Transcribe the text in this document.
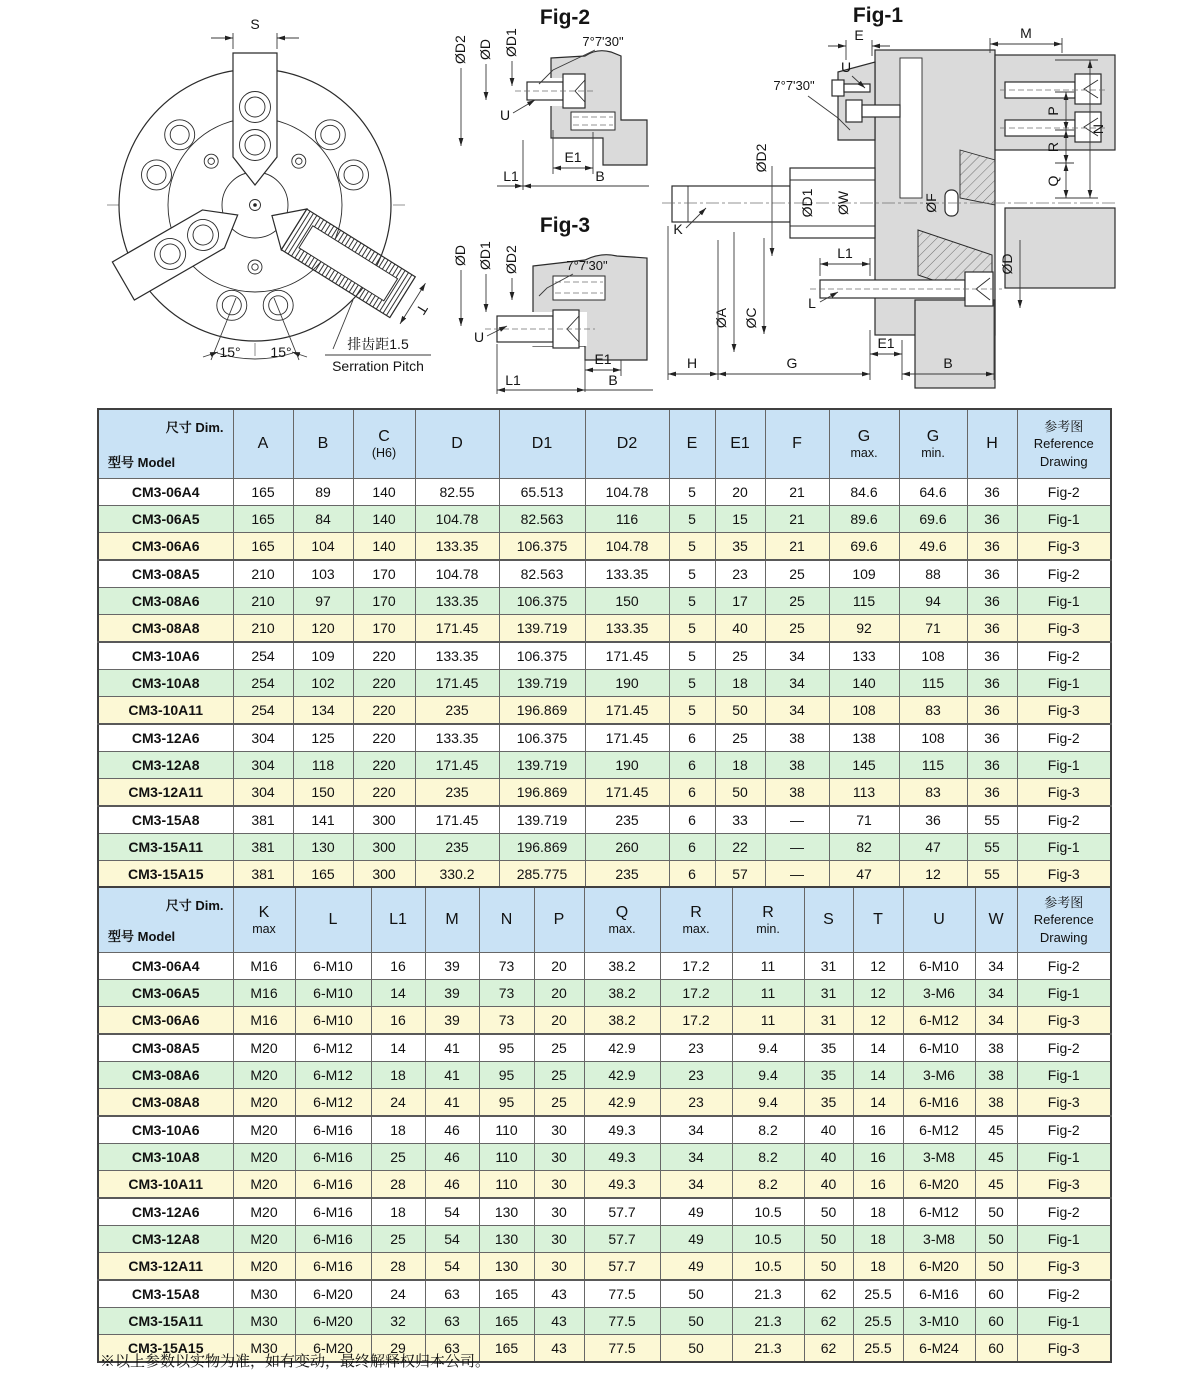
T
S
15° 15°	排齿距1.5
Serration Pitch
Fig-2
ØD2 ØD ØD1	7°7'30"
U
E1
L1	B
Fig-3
ØD ØD1 ØD2	7°7'30"
U
E1
L1	B
Fig-1
E	M
U
7°7'30"
ØD2
ØD1 ØW	ØF
ØD
ØA ØC
K
L
L1
E1
H	G	B
P
R
Q
N
尺寸 Dim.
型号 Model	A	B	C
(H6)	D	D1	D2	E	E1	F	G
max.	G
min.	H	参考图
Reference
Drawing

CM3-06A4	165	89	140	82.55	65.513	104.78	5	20	21	84.6	64.6	36	Fig-2
CM3-06A5	165	84	140	104.78	82.563	116	5	15	21	89.6	69.6	36	Fig-1
CM3-06A6	165	104	140	133.35	106.375	104.78	5	35	21	69.6	49.6	36	Fig-3
CM3-08A5	210	103	170	104.78	82.563	133.35	5	23	25	109	88	36	Fig-2
CM3-08A6	210	97	170	133.35	106.375	150	5	17	25	115	94	36	Fig-1
CM3-08A8	210	120	170	171.45	139.719	133.35	5	40	25	92	71	36	Fig-3
CM3-10A6	254	109	220	133.35	106.375	171.45	5	25	34	133	108	36	Fig-2
CM3-10A8	254	102	220	171.45	139.719	190	5	18	34	140	115	36	Fig-1
CM3-10A11	254	134	220	235	196.869	171.45	5	50	34	108	83	36	Fig-3
CM3-12A6	304	125	220	133.35	106.375	171.45	6	25	38	138	108	36	Fig-2
CM3-12A8	304	118	220	171.45	139.719	190	6	18	38	145	115	36	Fig-1
CM3-12A11	304	150	220	235	196.869	171.45	6	50	38	113	83	36	Fig-3
CM3-15A8	381	141	300	171.45	139.719	235	6	33	—	71	36	55	Fig-2
CM3-15A11	381	130	300	235	196.869	260	6	22	—	82	47	55	Fig-1
CM3-15A15	381	165	300	330.2	285.775	235	6	57	—	47	12	55	Fig-3
尺寸 Dim.
型号 Model	K
max	L	L1	M	N	P	Q
max.	R
max.	R
min.	S	T	U	W	参考图
Reference
Drawing

CM3-06A4	M16	6-M10	16	39	73	20	38.2	17.2	11	31	12	6-M10	34	Fig-2
CM3-06A5	M16	6-M10	14	39	73	20	38.2	17.2	11	31	12	3-M6	34	Fig-1
CM3-06A6	M16	6-M10	16	39	73	20	38.2	17.2	11	31	12	6-M12	34	Fig-3
CM3-08A5	M20	6-M12	14	41	95	25	42.9	23	9.4	35	14	6-M10	38	Fig-2
CM3-08A6	M20	6-M12	18	41	95	25	42.9	23	9.4	35	14	3-M6	38	Fig-1
CM3-08A8	M20	6-M12	24	41	95	25	42.9	23	9.4	35	14	6-M16	38	Fig-3
CM3-10A6	M20	6-M16	18	46	110	30	49.3	34	8.2	40	16	6-M12	45	Fig-2
CM3-10A8	M20	6-M16	25	46	110	30	49.3	34	8.2	40	16	3-M8	45	Fig-1
CM3-10A11	M20	6-M16	28	46	110	30	49.3	34	8.2	40	16	6-M20	45	Fig-3
CM3-12A6	M20	6-M16	18	54	130	30	57.7	49	10.5	50	18	6-M12	50	Fig-2
CM3-12A8	M20	6-M16	25	54	130	30	57.7	49	10.5	50	18	3-M8	50	Fig-1
CM3-12A11	M20	6-M16	28	54	130	30	57.7	49	10.5	50	18	6-M20	50	Fig-3
CM3-15A8	M30	6-M20	24	63	165	43	77.5	50	21.3	62	25.5	6-M16	60	Fig-2
CM3-15A11	M30	6-M20	32	63	165	43	77.5	50	21.3	62	25.5	3-M10	60	Fig-1
CM3-15A15	M30	6-M20	29	63	165	43	77.5	50	21.3	62	25.5	6-M24	60	Fig-3
※以上参数以实物为准，如有变动，最终解释权归本公司。
